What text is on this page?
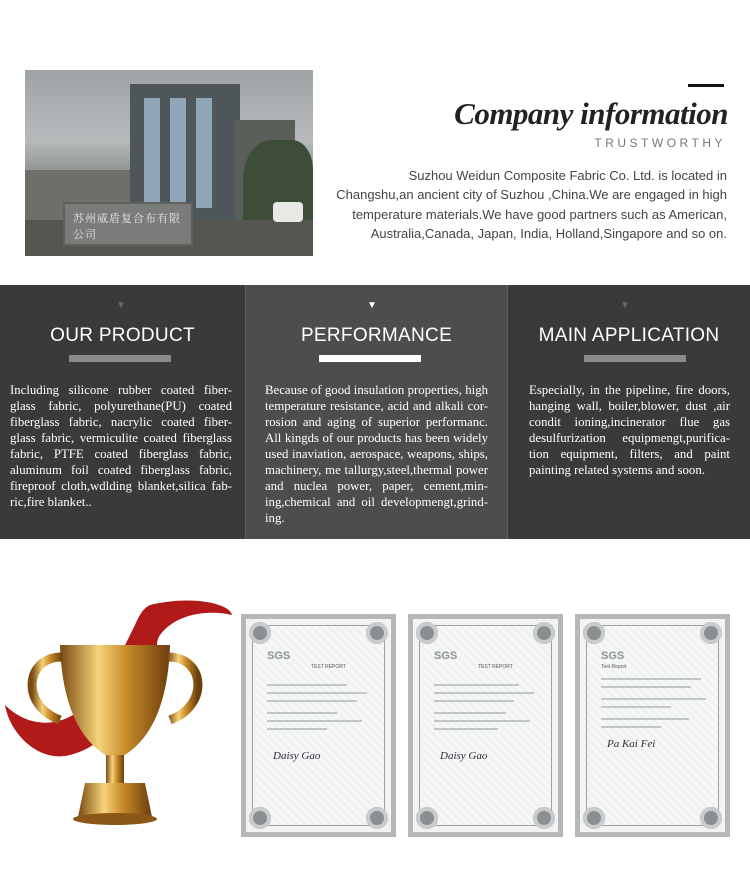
苏州威盾复合布有限公司
Company information
TRUSTWORTHY
Suzhou Weidun Composite Fabric Co. Ltd. is located in Changshu,an ancient city of Suzhou ,China.We are engaged in high temperature materials.We have good partners such as American, Australia,Canada, Japan, India, Holland,Singapore and so on.
▼
OUR PRODUCT
Including silicone rubber coated fiber-glass fabric, polyurethane(PU) coated fiberglass fabric, nacrylic coated fiber-glass fabric, vermiculite coated fiberglass fabric, PTFE coated fiberglass fabric, aluminum foil coated fiberglass fabric, fireproof cloth,wdlding blanket,silica fab-ric,fire blanket..
▼
PERFORMANCE
Because of good insulation properties, high temperature resistance, acid and alkali cor-rosion and aging of superior performanc. All kingds of our products has been widely used inaviation, aerospace, weapons, ships, machinery, me tallurgy,steel,thermal power and nuclea power, paper, cement,min-ing,chemical and oil developmengt,grind-ing.
▼
MAIN APPLICATION
Especially, in the pipeline, fire doors, hanging wall, boiler,blower, dust ,air condit ioning,incinerator flue gas desulfurization equipmengt,purifica-tion equipment, filters, and paint painting related systems and soon.
SGS
TEST REPORT
Daisy Gao
SGS
TEST REPORT
Daisy Gao
SGS
Test Report
Pa Kai Fei
